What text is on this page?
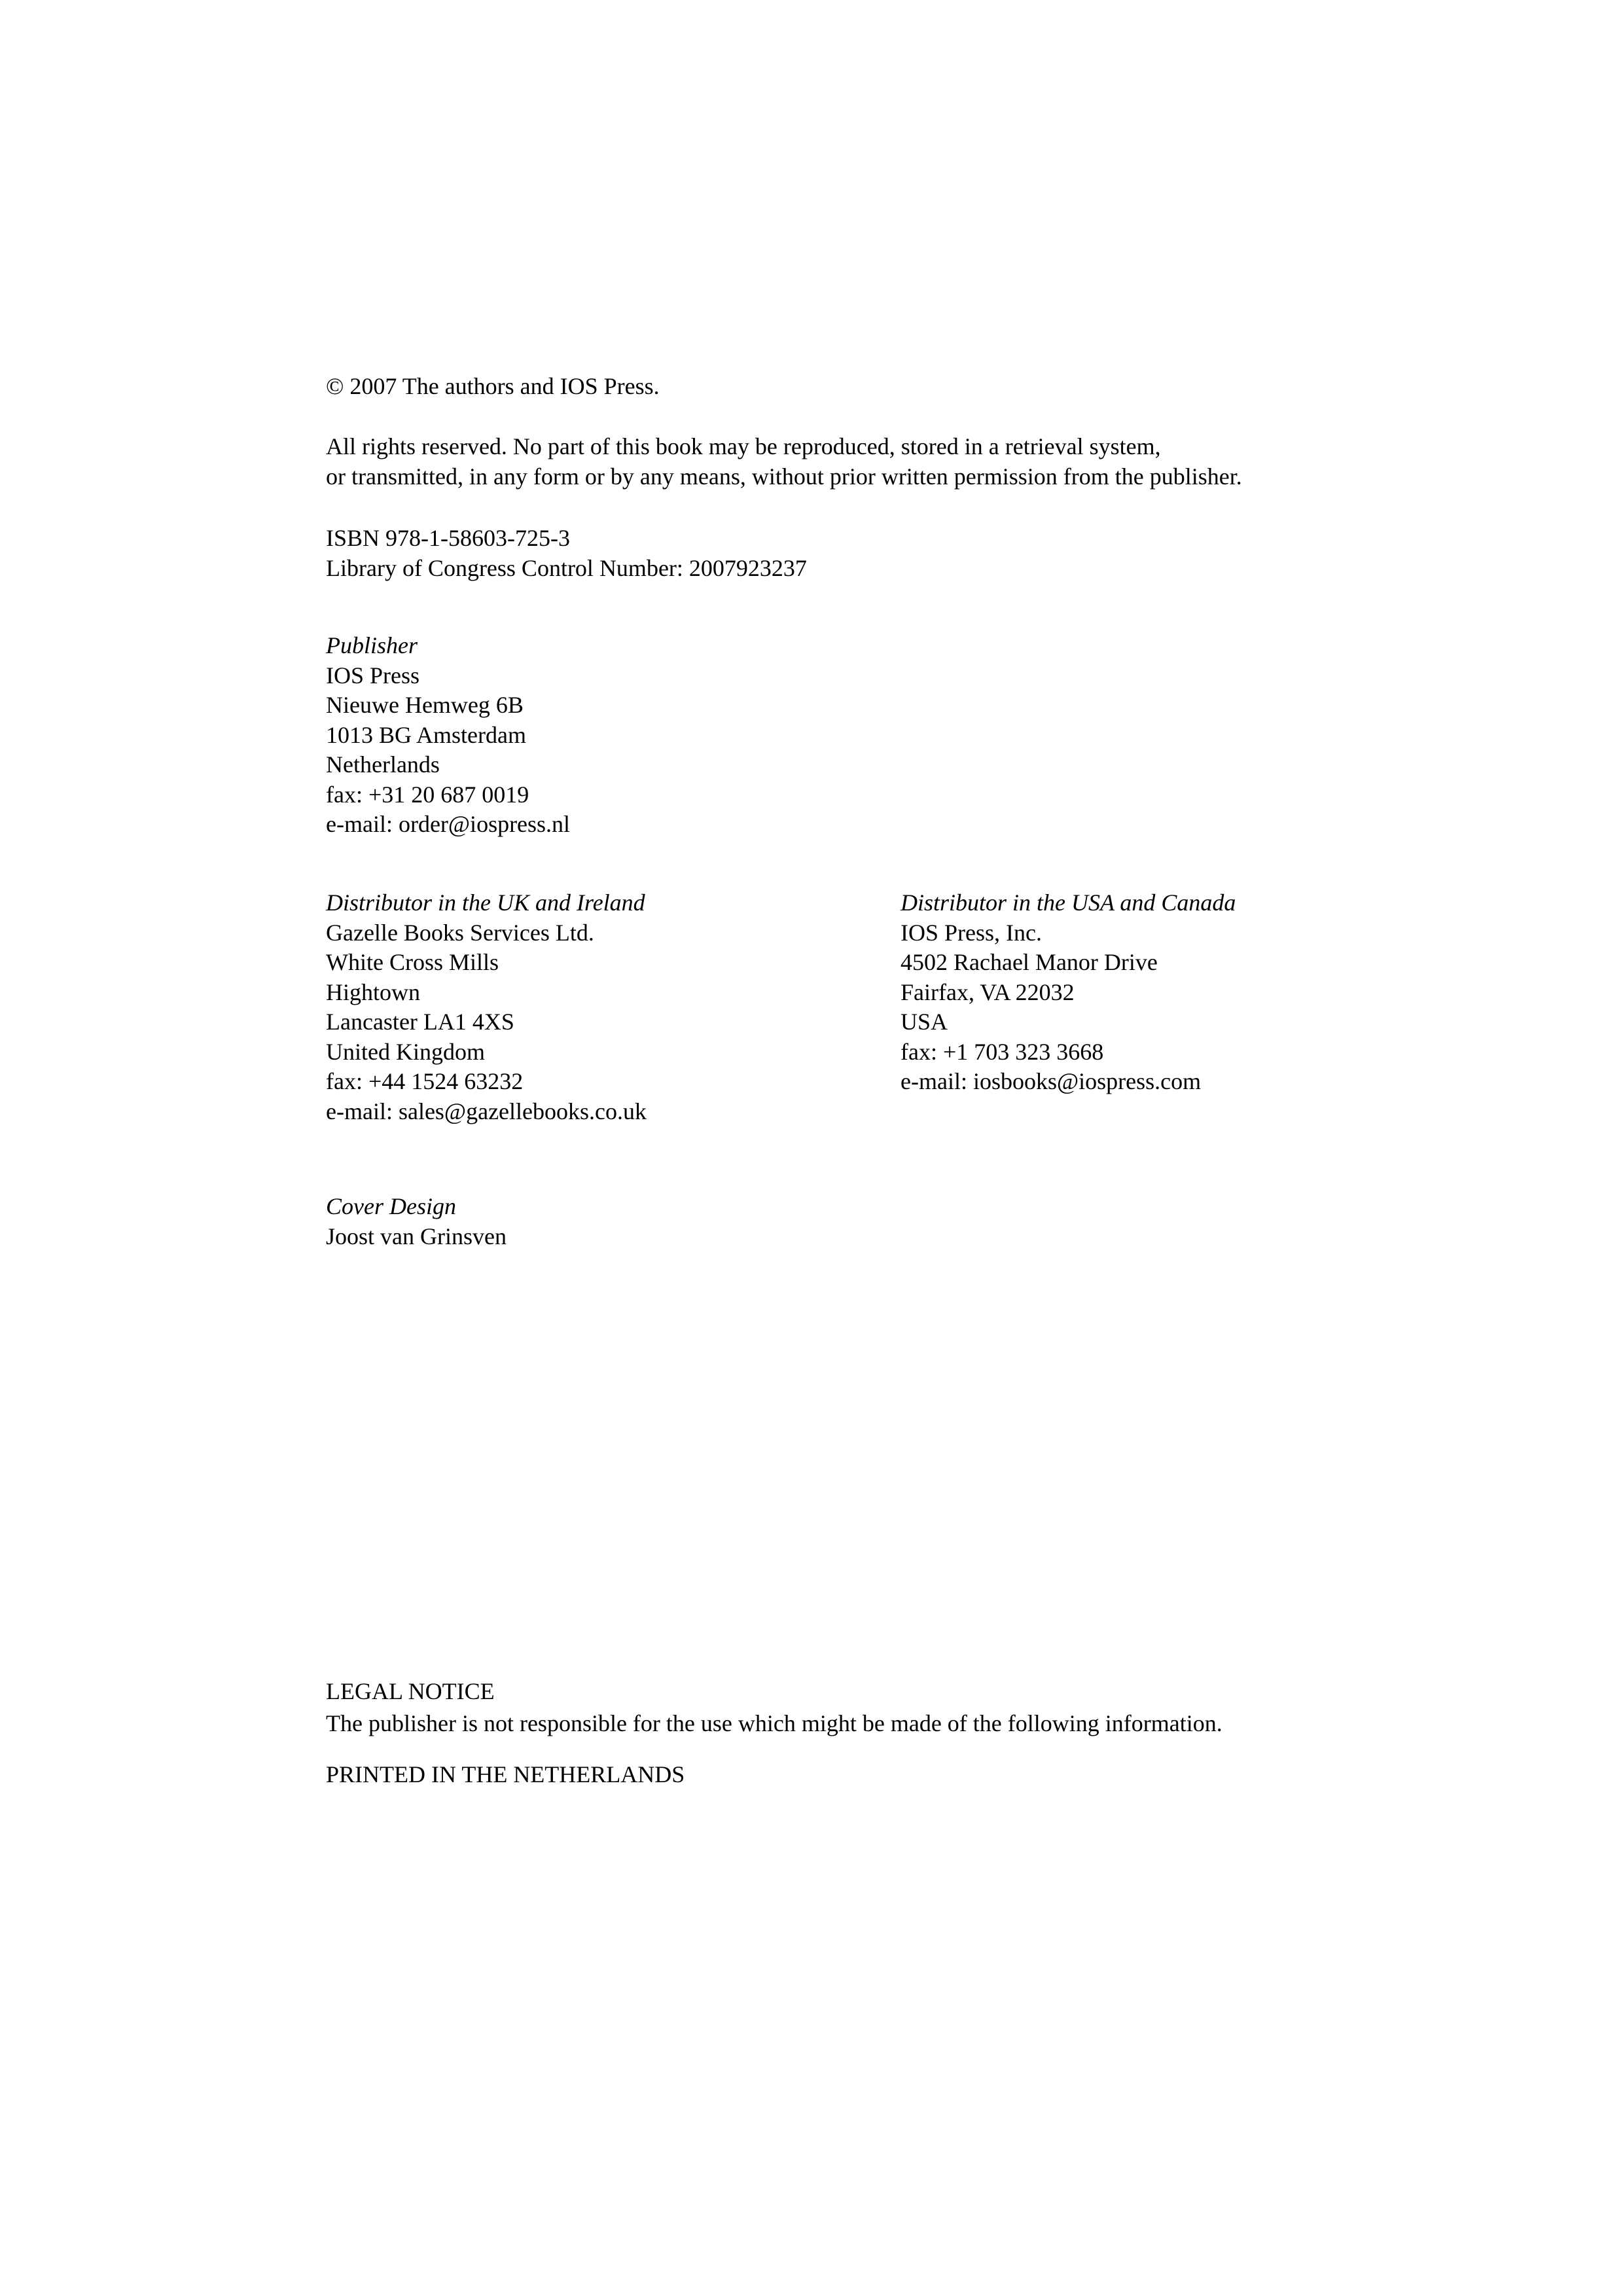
© 2007 The authors and IOS Press.
All rights reserved. No part of this book may be reproduced, stored in a retrieval system,
or transmitted, in any form or by any means, without prior written permission from the publisher.
ISBN 978-1-58603-725-3
Library of Congress Control Number: 2007923237
Publisher
IOS Press
Nieuwe Hemweg 6B
1013 BG Amsterdam
Netherlands
fax: +31 20 687 0019
e-mail: order@iospress.nl
Distributor in the UK and Ireland
Gazelle Books Services Ltd.
White Cross Mills
Hightown
Lancaster LA1 4XS
United Kingdom
fax: +44 1524 63232
e-mail: sales@gazellebooks.co.uk
Distributor in the USA and Canada
IOS Press, Inc.
4502 Rachael Manor Drive
Fairfax, VA 22032
USA
fax: +1 703 323 3668
e-mail: iosbooks@iospress.com
Cover Design
Joost van Grinsven
LEGAL NOTICE
The publisher is not responsible for the use which might be made of the following information.
PRINTED IN THE NETHERLANDS
